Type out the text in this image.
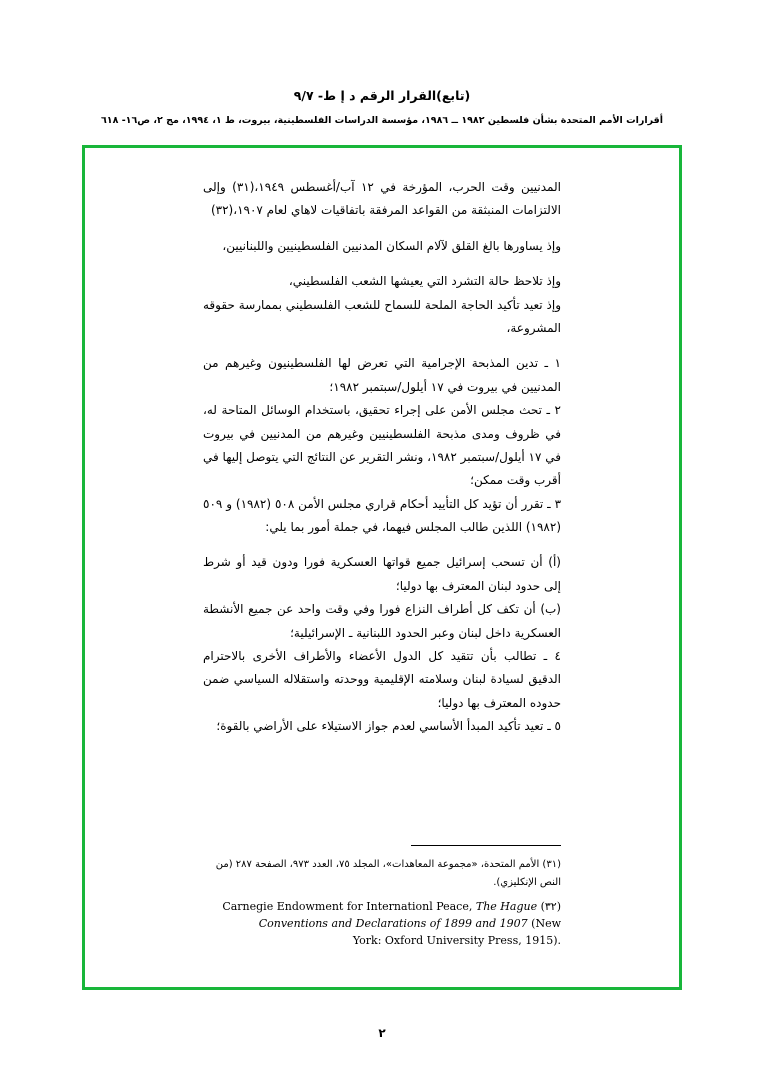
(تابع)القرار الرقم د إ ط- ٩/٧
أقرارات الأمم المتحدة بشأن فلسطين ١٩٨٢ ــ ١٩٨٦، مؤسسة الدراسات الفلسطينية، بيروت، ط ١، ١٩٩٤، مج ٢، ص١٦- ٦١٨

المدنيين وقت الحرب، المؤرخة في ١٢ آب/أغسطس ١٩٤٩،(٣١) وإلى الالتزامات المنبثقة من القواعد المرفقة باتفاقيات لاهاي لعام ١٩٠٧،(٣٢)

وإذ يساورها بالغ القلق لآلام السكان المدنيين الفلسطينيين واللبنانيين،

وإذ تلاحظ حالة التشرد التي يعيشها الشعب الفلسطيني،

وإذ تعيد تأكيد الحاجة الملحة للسماح للشعب الفلسطيني بممارسة حقوقه المشروعة،

١ ـ تدين المذبحة الإجرامية التي تعرض لها الفلسطينيون وغيرهم من المدنيين في بيروت في ١٧ أيلول/سبتمبر ١٩٨٢؛

٢ ـ تحث مجلس الأمن على إجراء تحقيق، باستخدام الوسائل المتاحة له، في ظروف ومدى مذبحة الفلسطينيين وغيرهم من المدنيين في بيروت في ١٧ أيلول/سبتمبر ١٩٨٢، ونشر التقرير عن النتائج التي يتوصل إليها في أقرب وقت ممكن؛

٣ ـ تقرر أن تؤيد كل التأييد أحكام قراري مجلس الأمن ٥٠٨ (١٩٨٢) و ٥٠٩ (١٩٨٢) اللذين طالب المجلس فيهما، في جملة أمور بما يلي:

(أ) أن تسحب إسرائيل جميع قواتها العسكرية فورا ودون قيد أو شرط إلى حدود لبنان المعترف بها دوليا؛

(ب) أن تكف كل أطراف النزاع فورا وفي وقت واحد عن جميع الأنشطة العسكرية داخل لبنان وعبر الحدود اللبنانية ـ الإسرائيلية؛

٤ ـ تطالب بأن تتقيد كل الدول الأعضاء والأطراف الأخرى بالاحترام الدقيق لسيادة لبنان وسلامته الإقليمية ووحدته واستقلاله السياسي ضمن حدوده المعترف بها دوليا؛

٥ ـ تعيد تأكيد المبدأ الأساسي لعدم جواز الاستيلاء على الأراضي بالقوة؛

(٣١) الأمم المتحدة، «مجموعة المعاهدات»، المجلد ٧٥، العدد ٩٧٣، الصفحة ٢٨٧ (من النص الإنكليزي).
Carnegie Endowment for Internationl Peace, The Hague (٣٢)
Conventions and Declarations of 1899 and 1907 (New
York: Oxford University Press, 1915).
٢
